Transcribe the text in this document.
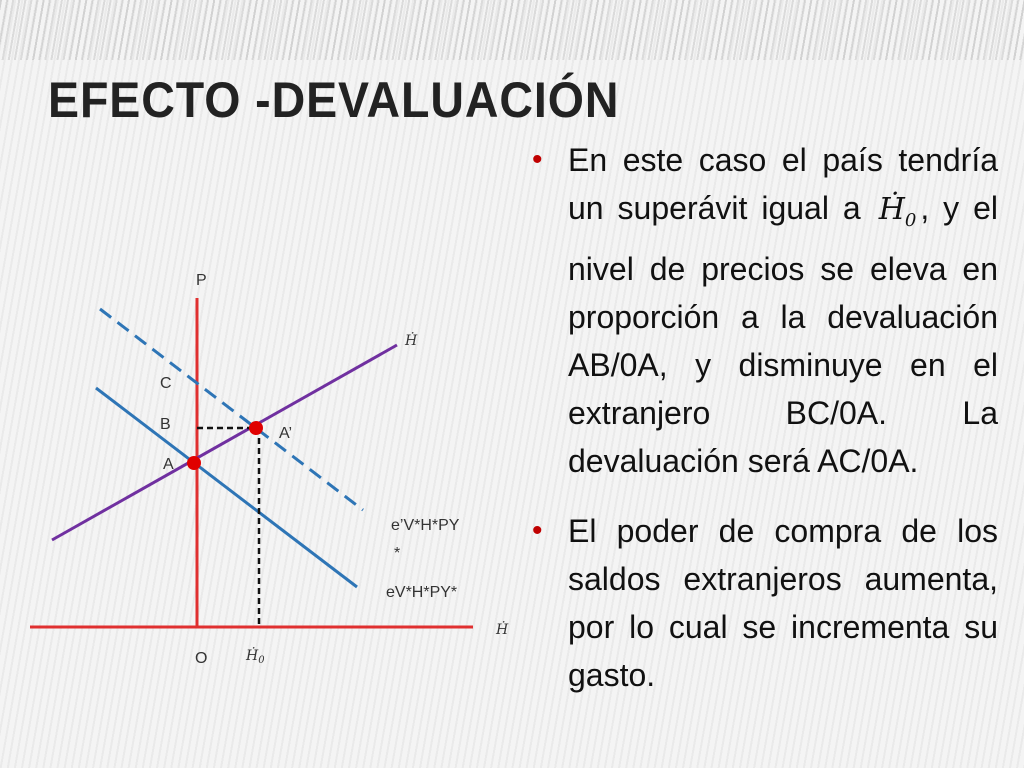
EFECTO -DEVALUACIÓN

• En este caso el país tendría un superávit igual a Ḣ$_0$ , y el nivel de precios se eleva en proporción a la devaluación AB/0A, y disminuye en el extranjero BC/0A. La devaluación será AC/0A.

• El poder de compra de los saldos extranjeros aumenta, por lo cual se incrementa su gasto.

P
C
B
A
A’
Ḣ
e’V*H*PY
*
eV*H*PY*
Ḣ
O	Ḣ$_0$
